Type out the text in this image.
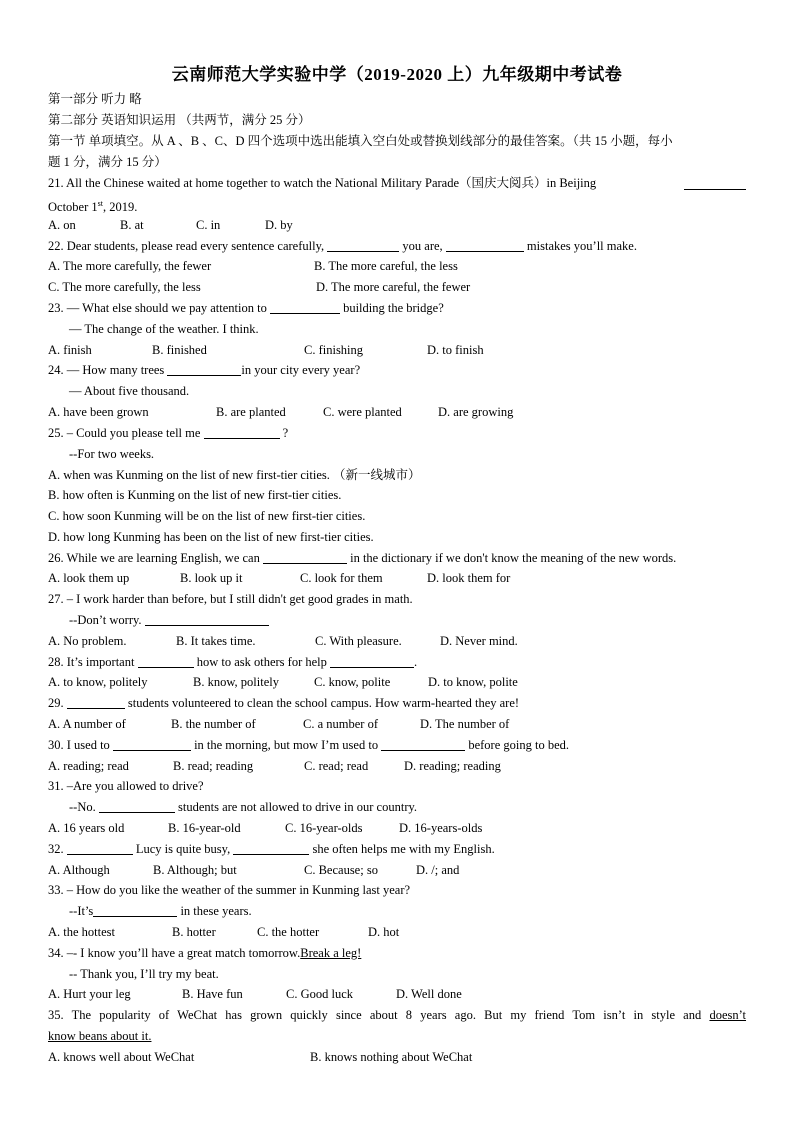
云南师范大学实验中学（2019-2020 上）九年级期中考试卷
第一部分 听力 略
第二部分 英语知识运用 （共两节，满分 25 分）
第一节 单项填空。从 A 、B 、C、D 四个选项中选出能填入空白处或替换划线部分的最佳答案。（共 15 小题，每小
题 1 分，满分 15 分）
21. All the Chinese waited at home together to watch the National Military Parade（国庆大阅兵）in Beijing
October 1st, 2019.
A. on	B. at	C. in	D. by
22. Dear students, please read every sentence carefully,	you are,	mistakes you’ll make.
A. The more carefully, the fewer	B. The more careful, the less
C. The more carefully, the less	D. The more careful, the fewer
23. — What else should we pay attention to	building the bridge?
— The change of the weather. I think.
A. finish	B. finished	C. finishing	D. to finish
24. — How many trees	in your city every year?
— About five thousand.
A. have been grown	B. are planted	C. were planted	D. are growing
25. – Could you please tell me	?
--For two weeks.
A. when was Kunming on the list of new first-tier cities. （新一线城市）
B. how often is Kunming on the list of new first-tier cities.
C. how soon Kunming will be on the list of new first-tier cities.
D. how long Kunming has been on the list of new first-tier cities.
26. While we are learning English, we can	in the dictionary if we don't know the meaning of the new words.
A. look them up	B. look up it	C. look for them	D. look them for
27. – I work harder than before, but I still didn't get good grades in math.
--Don’t worry.
A. No problem.	B. It takes time.	C. With pleasure.	D. Never mind.
28. It’s important	how to ask others for help	.
A. to know, politely	B. know, politely	C. know, polite	D. to know, polite
29.	students volunteered to clean the school campus. How warm-hearted they are!
A. A number of	B. the number of	C. a number of	D. The number of
30. I used to	in the morning, but mow I’m used to	before going to bed.
A. reading; read	B. read; reading	C. read; read	D. reading; reading
31. –Are you allowed to drive?
--No.	students are not allowed to drive in our country.
A. 16 years old	B. 16-year-old	C. 16-year-olds	D. 16-years-olds
32.	Lucy is quite busy,	she often helps me with my English.
A. Although	B. Although; but	C. Because; so	D. /; and
33. – How do you like the weather of the summer in Kunming last year?
--It’s	in these years.
A. the hottest	B. hotter	C. the hotter	D. hot
34. –- I know you’ll have a great match tomorrow.Break a leg!
-- Thank you, I’ll try my beat.
A. Hurt your leg	B. Have fun	C. Good luck	D. Well done
35. The popularity of WeChat has grown quickly since about 8 years ago. But my friend Tom isn’t in style and doesn’t
know beans about it.
A. knows well about WeChat	B. knows nothing about WeChat
